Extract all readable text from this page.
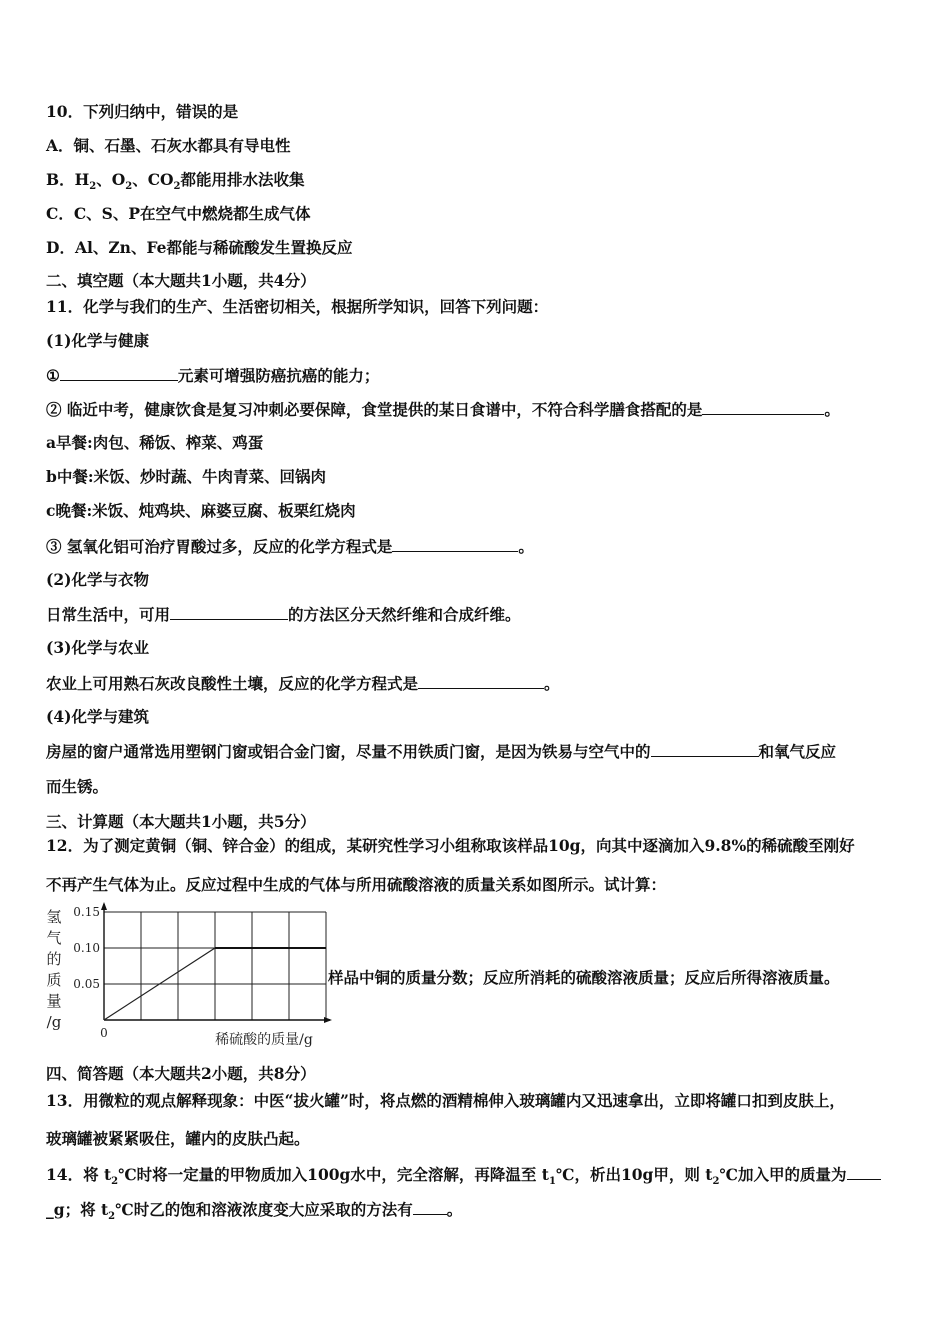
10．下列归纳中，错误的是
A．铜、石墨、石灰水都具有导电性
B．$H_2$、$O_2$、$CO_2$都能用排水法收集
C．C、S、P在空气中燃烧都生成气体
D．Al、Zn、Fe都能与稀硫酸发生置换反应
二、填空题（本大题共1小题，共4分）
11．化学与我们的生产、生活密切相关，根据所学知识，回答下列问题：
(1)化学与健康
①	元素可增强防癌抗癌的能力；
② 临近中考，健康饮食是复习冲刺必要保障，食堂提供的某日食谱中，不符合科学膳食搭配的是	。
a早餐:肉包、稀饭、榨菜、鸡蛋
b中餐:米饭、炒时蔬、牛肉青菜、回锅肉
c晚餐:米饭、炖鸡块、麻婆豆腐、板栗红烧肉
③ 氢氧化铝可治疗胃酸过多，反应的化学方程式是	。
(2)化学与衣物
日常生活中，可用	的方法区分天然纤维和合成纤维。
(3)化学与农业
农业上可用熟石灰改良酸性土壤，反应的化学方程式是	。
(4)化学与建筑
房屋的窗户通常选用塑钢门窗或铝合金门窗，尽量不用铁质门窗，是因为铁易与空气中的	和氧气反应
而生锈。
三、计算题（本大题共1小题，共5分）
12．为了测定黄铜（铜、锌合金）的组成，某研究性学习小组称取该样品10g，向其中逐滴加入9.8%的稀硫酸至刚好
不再产生气体为止。反应过程中生成的气体与所用硫酸溶液的质量关系如图所示。试计算：
0.15
0.10
0.05
0	稀硫酸的质量/g
氢
气
的
质
量
/g
样品中铜的质量分数；反应所消耗的硫酸溶液质量；反应后所得溶液质量。
四、简答题（本大题共2小题，共8分）
13．用微粒的观点解释现象：中医“拔火罐”时，将点燃的酒精棉伸入玻璃罐内又迅速拿出，立即将罐口扣到皮肤上，
玻璃罐被紧紧吸住，罐内的皮肤凸起。
14．将 $t_2℃$时将一定量的甲物质加入100g水中，完全溶解，再降温至 $t_1℃$，析出10g甲，则 $t_2℃$加入甲的质量为
_g；将 $t_2℃$时乙的饱和溶液浓度变大应采取的方法有 。
